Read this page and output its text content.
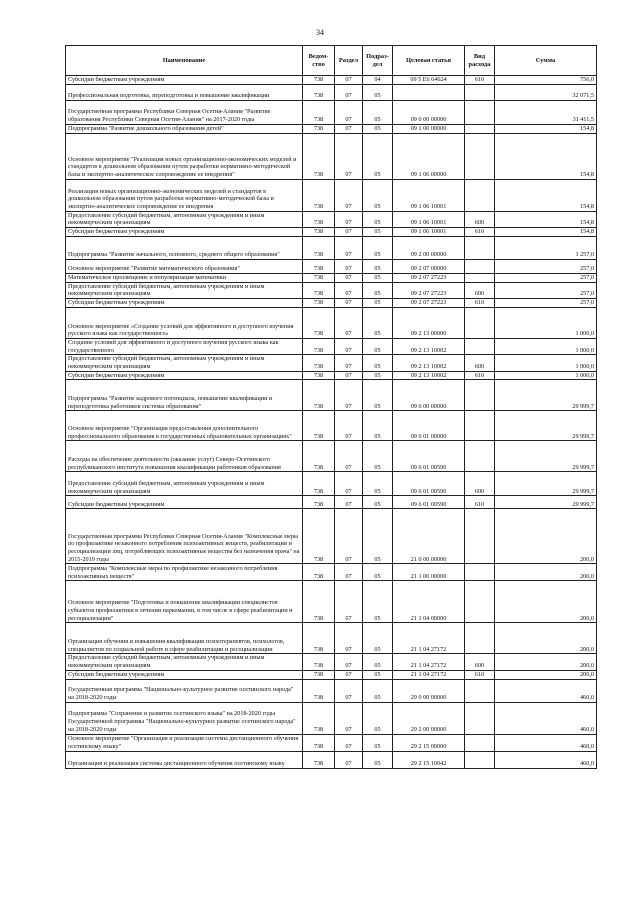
34
Наименование	Ведом-ство	Раздел	Подраз-дел	Целевая статья	Вид расхода	Сумма
Субсидии бюджетным учреждениям	738	07	04	09 5 Е6 64624	610	756,0
Профессиональная подготовка, переподготовка и повышение квалификации	738	07	05			32 071,5
Государственная программа Республики Северная Осетия-Алания "Развитие образования Республики Северная Осетия-Алания" на 2017-2020 годы	738	07	05	09 0 00 00000		31 411,5
Подпрограмма "Развитие дошкольного образования детей"	738	07	05	09 1 00 00000		154,8
Основное мероприятие "Реализация новых организационно-экономических моделей и стандартов в дошкольном образовании путем разработки нормативно-методической базы и экспертно-аналитическое сопровождение ее внедрения"	738	07	05	09 1 06 00000		154,8
Реализация новых организационно-экономических моделей и стандартов в дошкольном образовании путем разработки нормативно-методической базы и экспертно-аналитическое сопровождение ее внедрения	738	07	05	09 1 06 10001		154,8
Предоставление субсидий бюджетным, автономным учреждениям и иным некоммерческим организациям	738	07	05	09 1 06 10001	600	154,8
Субсидии бюджетным учреждениям	738	07	05	09 1 06 10001	610	154,8
Подпрограмма "Развитие начального, основного, среднего общего образования"	738	07	05	09 2 00 00000		1 257,0
Основное мероприятие "Развитие математического образования"	738	07	05	09 2 07 00000		257,0
Математическое просвещение и популяризация математики	738	07	05	09 2 07 27223		257,0
Предоставление субсидий бюджетным, автономным учреждениям и иным некоммерческим организациям	738	07	05	09 2 07 27223	600	257,0
Субсидии бюджетным учреждениям	738	07	05	09 2 07 27223	610	257,0
Основное мероприятие «Создание условий для эффективного и доступного изучения русского языка как государственного»	738	07	05	09 2 13 00000		1 000,0
Создание условий для эффективного и доступного изучения русского языка как государственного	738	07	05	09 2 13 10002		1 000,0
Предоставление субсидий бюджетным, автономным учреждениям и иным некоммерческим организациям	738	07	05	09 2 13 10002	600	1 000,0
Субсидии бюджетным учреждениям	738	07	05	09 2 13 10002	610	1 000,0
Подпрограмма "Развитие кадрового потенциала, повышение квалификации и переподготовка работников системы образования"	738	07	05	09 6 00 00000		29 999,7
Основное мероприятие "Организация предоставления дополнительного профессионального образования в государственных образовательных организациях"	738	07	05	09 6 01 00000		29 999,7
Расходы на обеспечение деятельности (оказание услуг) Северо-Осетинского республиканского института повышения квалификации работников образования	738	07	05	09 6 01 00590		29 999,7
Предоставление субсидий бюджетным, автономным учреждениям и иным некоммерческим организациям	738	07	05	09 6 01 00590	600	29 999,7
Субсидии бюджетным учреждениям	738	07	05	09 6 01 00590	610	29 999,7
Государственная программа Республики Северная Осетия-Алания "Комплексные меры по профилактике незаконного потребления психоактивных веществ, реабилитации и ресоциализации лиц, потребляющих психоактивные вещества без назначения врача" на 2015-2019 годы	738	07	05	21 0 00 00000		200,0
Подпрограмма "Комплексные меры по профилактике незаконного потребления психоактивных веществ"	738	07	05	21 1 00 00000		200,0
Основное мероприятие "Подготовка и повышение квалификации специалистов субъектов профилактики в лечении наркомании, в том числе в сфере реабилитации и ресоциализации"	738	07	05	21 1 04 00000		200,0
Организация обучения и повышения квалификации психотерапевтов, психологов, специалистов по социальной работе в сфере реабилитации и ресоциализации	738	07	05	21 1 04 27172		200,0
Предоставление субсидий бюджетным, автономным учреждениям и иным некоммерческим организациям	738	07	05	21 1 04 27172	600	200,0
Субсидии бюджетным учреждениям	738	07	05	21 1 04 27172	610	200,0
Государственная программа "Национально-культурное развитие осетинского народа" на 2018-2020 годы	738	07	05	29 0 00 00000		460,0
Подпрограмма "Сохранение и развитие осетинского языка" на 2018-2020 годы Государственной программы "Национально-культурное развитие осетинского народа" на 2018-2020 годы	738	07	05	29 2 00 00000		460,0
Основное мероприятие "Организация и реализация системы дистанционного обучения осетинскому языку"	738	07	05	29 2 15 00000		460,0
Организация и реализация системы дистанционного обучения осетинскому языку	738	07	05	29 2 15 10042		460,0
